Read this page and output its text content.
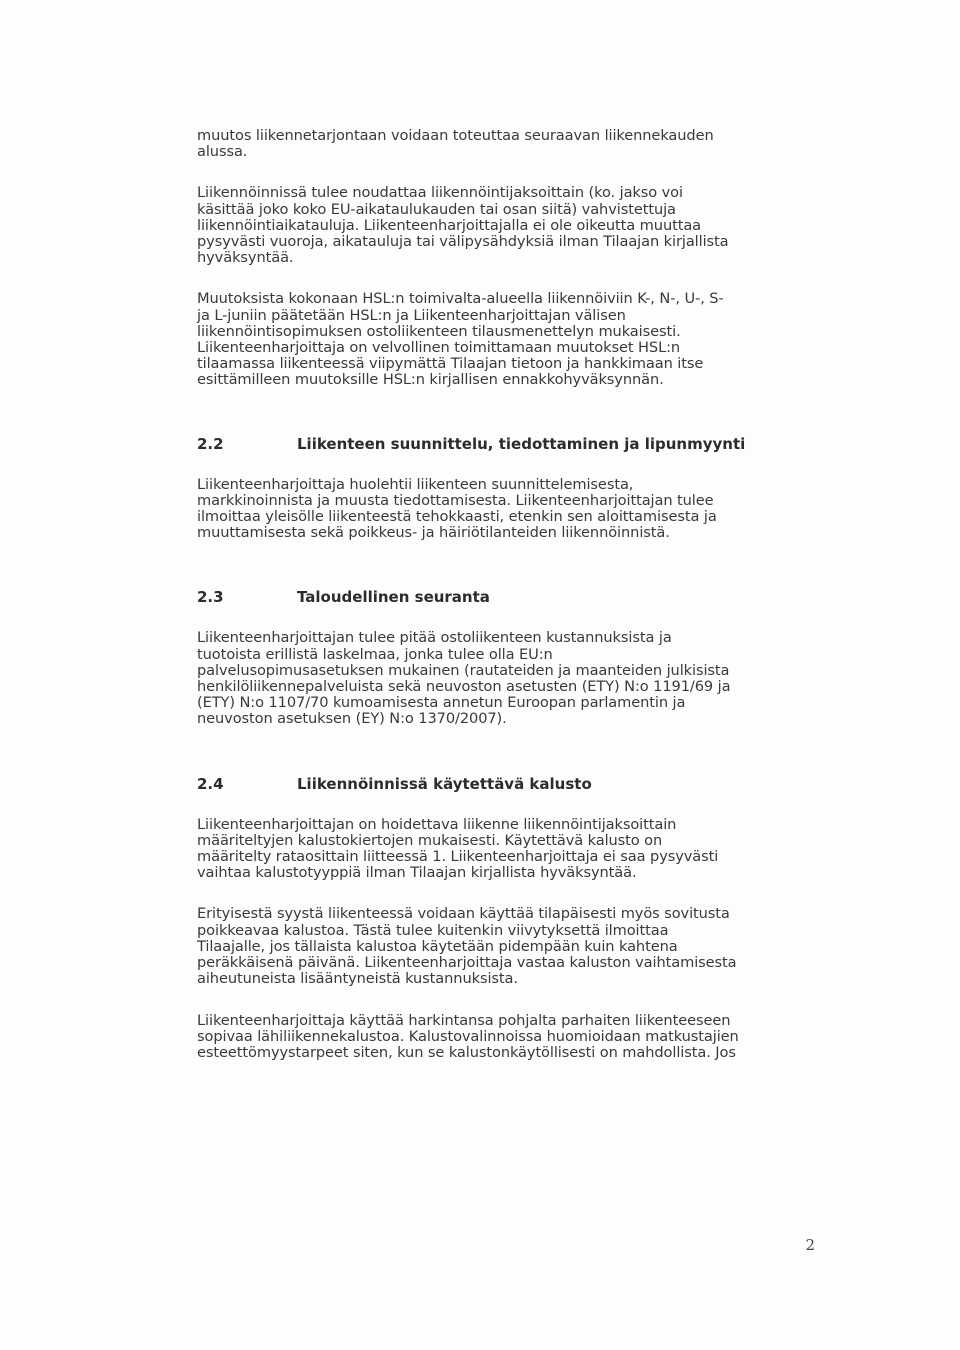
muutos liikennetarjontaan voidaan toteuttaa seuraavan liikennekauden
alussa.

Liikennöinnissä tulee noudattaa liikennöintijaksoittain (ko. jakso voi
käsittää joko koko EU-aikataulukauden tai osan siitä) vahvistettuja
liikennöintiaikatauluja. Liikenteenharjoittajalla ei ole oikeutta muuttaa
pysyvästi vuoroja, aikatauluja tai välipysähdyksiä ilman Tilaajan kirjallista
hyväksyntää.

Muutoksista kokonaan HSL:n toimivalta-alueella liikennöiviin K-, N-, U-, S-
ja L-juniin päätetään HSL:n ja Liikenteenharjoittajan välisen
liikennöintisopimuksen ostoliikenteen tilausmenettelyn mukaisesti.
Liikenteenharjoittaja on velvollinen toimittamaan muutokset HSL:n
tilaamassa liikenteessä viipymättä Tilaajan tietoon ja hankkimaan itse
esittämilleen muutoksille HSL:n kirjallisen ennakkohyväksynnän.

2.2	Liikenteen suunnittelu, tiedottaminen ja lipunmyynti

Liikenteenharjoittaja huolehtii liikenteen suunnittelemisesta,
markkinoinnista ja muusta tiedottamisesta. Liikenteenharjoittajan tulee
ilmoittaa yleisölle liikenteestä tehokkaasti, etenkin sen aloittamisesta ja
muuttamisesta sekä poikkeus- ja häiriötilanteiden liikennöinnistä.

2.3	Taloudellinen seuranta

Liikenteenharjoittajan tulee pitää ostoliikenteen kustannuksista ja
tuotoista erillistä laskelmaa, jonka tulee olla EU:n
palvelusopimusasetuksen mukainen (rautateiden ja maanteiden julkisista
henkilöliikennepalveluista sekä neuvoston asetusten (ETY) N:o 1191/69 ja
(ETY) N:o 1107/70 kumoamisesta annetun Euroopan parlamentin ja
neuvoston asetuksen (EY) N:o 1370/2007).

2.4	Liikennöinnissä käytettävä kalusto

Liikenteenharjoittajan on hoidettava liikenne liikennöintijaksoittain
määriteltyjen kalustokiertojen mukaisesti. Käytettävä kalusto on
määritelty rataosittain liitteessä 1. Liikenteenharjoittaja ei saa pysyvästi
vaihtaa kalustotyyppiä ilman Tilaajan kirjallista hyväksyntää.

Erityisestä syystä liikenteessä voidaan käyttää tilapäisesti myös sovitusta
poikkeavaa kalustoa. Tästä tulee kuitenkin viivytyksettä ilmoittaa
Tilaajalle, jos tällaista kalustoa käytetään pidempään kuin kahtena
peräkkäisenä päivänä. Liikenteenharjoittaja vastaa kaluston vaihtamisesta
aiheutuneista lisääntyneistä kustannuksista.

Liikenteenharjoittaja käyttää harkintansa pohjalta parhaiten liikenteeseen
sopivaa lähiliikennekalustoa. Kalustovalinnoissa huomioidaan matkustajien
esteettömyystarpeet siten, kun se kalustonkäytöllisesti on mahdollista. Jos

2
